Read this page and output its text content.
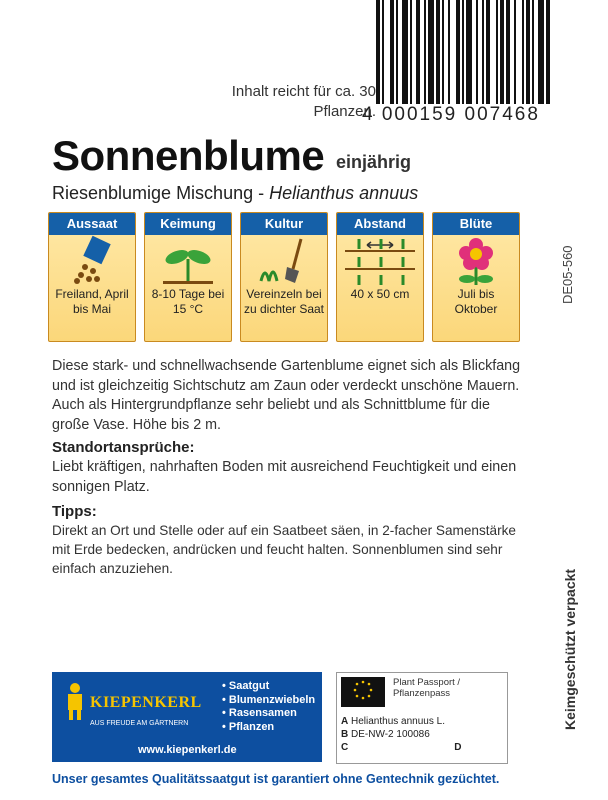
4 000159 007468
Inhalt reicht für ca. 30 Pflanzen.
Sonnenblume einjährig
Riesenblumige Mischung - Helianthus annuus
Aussaat
Freiland, April bis Mai
Keimung
8-10 Tage bei 15 °C
Kultur
Vereinzeln bei zu dichter Saat
Abstand
40 x 50 cm
Blüte
Juli bis Oktober
Diese stark- und schnellwachsende Gartenblume eignet sich als Blickfang und ist gleichzeitig Sichtschutz am Zaun oder verdeckt unschöne Mauern. Auch als Hintergrundpflanze sehr beliebt und als Schnittblume für die große Vase. Höhe bis 2 m.
Standortansprüche:
Liebt kräftigen, nahrhaften Boden mit ausreichend Feuchtigkeit und einen sonnigen Platz.
Tipps:
Direkt an Ort und Stelle oder auf ein Saatbeet säen, in 2-facher Samenstärke mit Erde bedecken, andrücken und feucht halten. Sonnenblumen sind sehr einfach anzuziehen.
DE05-560
Keimgeschützt verpackt
KIEPENKERL
AUS FREUDE AM GÄRTNERN
• Saatgut
• Blumenzwiebeln
• Rasensamen
• Pflanzen
www.kiepenkerl.de
Plant Passport /
Pflanzenpass
A Helianthus annuus L.
B DE-NW-2 100086
C	D
Unser gesamtes Qualitätssaatgut ist garantiert ohne Gentechnik gezüchtet.
